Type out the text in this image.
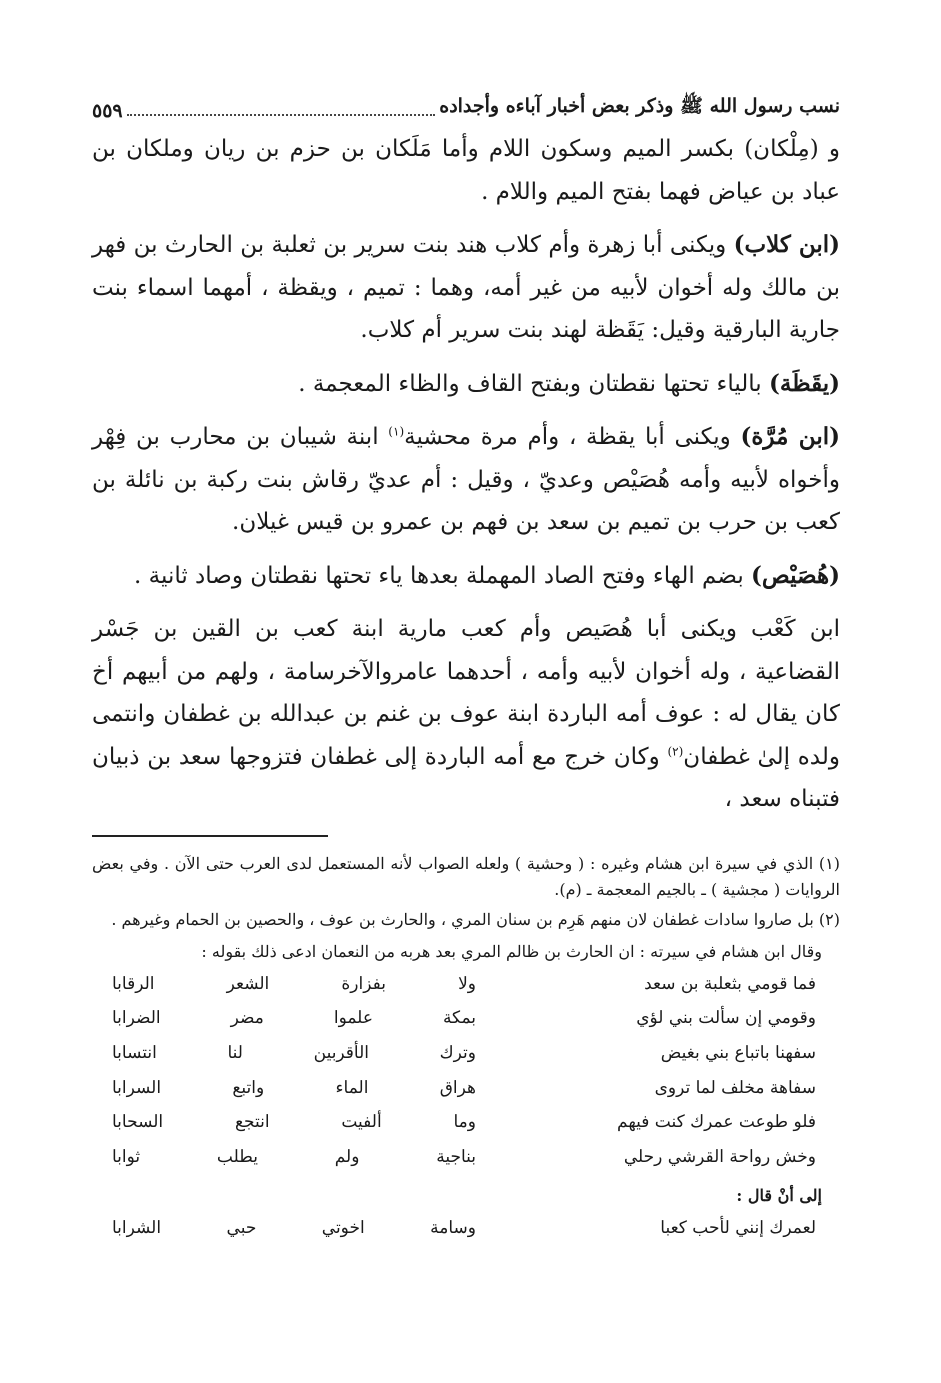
نسب رسول الله ﷺ وذكر بعض أخبار آباءه وأجداده
٥٥٩

و (مِلْكان) بكسر الميم وسكون اللام وأما مَلَكان بن حزم بن ريان وملكان بن عباد بن عياض فهما بفتح الميم واللام .

(ابن كلاب) ويكنى أبا زهرة وأم كلاب هند بنت سرير بن ثعلبة بن الحارث بن فهر بن مالك وله أخوان لأبيه من غير أمه، وهما : تميم ، ويقظة ، أمهما اسماء بنت جارية البارقية وقيل: يَقَظة لهند بنت سرير أم كلاب.

(يقَظَة) بالياء تحتها نقطتان وبفتح القاف والظاء المعجمة .

(ابن مُرَّة) ويكنى أبا يقظة ، وأم مرة محشية$^{(١)}$ ابنة شيبان بن محارب بن فِهْر وأخواه لأبيه وأمه هُصَيْص وعديّ ، وقيل : أم عديّ رقاش بنت ركبة بن نائلة بن كعب بن حرب بن تميم بن سعد بن فهم بن عمرو بن قيس غيلان.

(هُصَيْص) بضم الهاء وفتح الصاد المهملة بعدها ياء تحتها نقطتان وصاد ثانية .

ابن كَعْب ويكنى أبا هُصَيص وأم كعب مارية ابنة كعب بن القين بن جَسْر القضاعية ، وله أخوان لأبيه وأمه ، أحدهما عامروالآخرسامة ، ولهم من أبيهم أخ كان يقال له : عوف أمه الباردة ابنة عوف بن غنم بن عبدالله بن غطفان وانتمى ولده إلىٰ غطفان$^{(٢)}$ وكان خرج مع أمه الباردة إلى غطفان فتزوجها سعد بن ذبيان فتبناه سعد ،

(١) الذي في سيرة ابن هشام وغيره : ( وحشية ) ولعله الصواب لأنه المستعمل لدى العرب حتى الآن . وفي بعض الروايات ( مجشية ) ـ بالجيم المعجمة ـ (م).

(٢) بل صاروا سادات غطفان لان منهم هَرِم بن سنان المري ، والحارث بن عوف ، والحصين بن الحمام وغيرهم .

وقال ابن هشام في سيرته : ان الحارث بن ظالم المري بعد هربه من النعمان ادعى ذلك بقوله :

فما قومي بثعلبة بن سعد
ولا بفزارة الشعر الرقابا
وقومي إن سألت بني لؤي
بمكة علموا مضر الضرابا
سفهنا باتباع بني بغيض
وترك الأقربين لنا انتسابا
سفاهة مخلف لما تروى
هراق الماء واتبع السرابا
فلو طوعت عمرك كنت فيهم
وما ألفيت انتجع السحابا
وخش رواحة القرشي رحلي
بناجية ولم يطلب ثوابا

إلى أنْ قال :

لعمرك إنني لأحب كعبا
وسامة اخوتي حبي الشرابا
